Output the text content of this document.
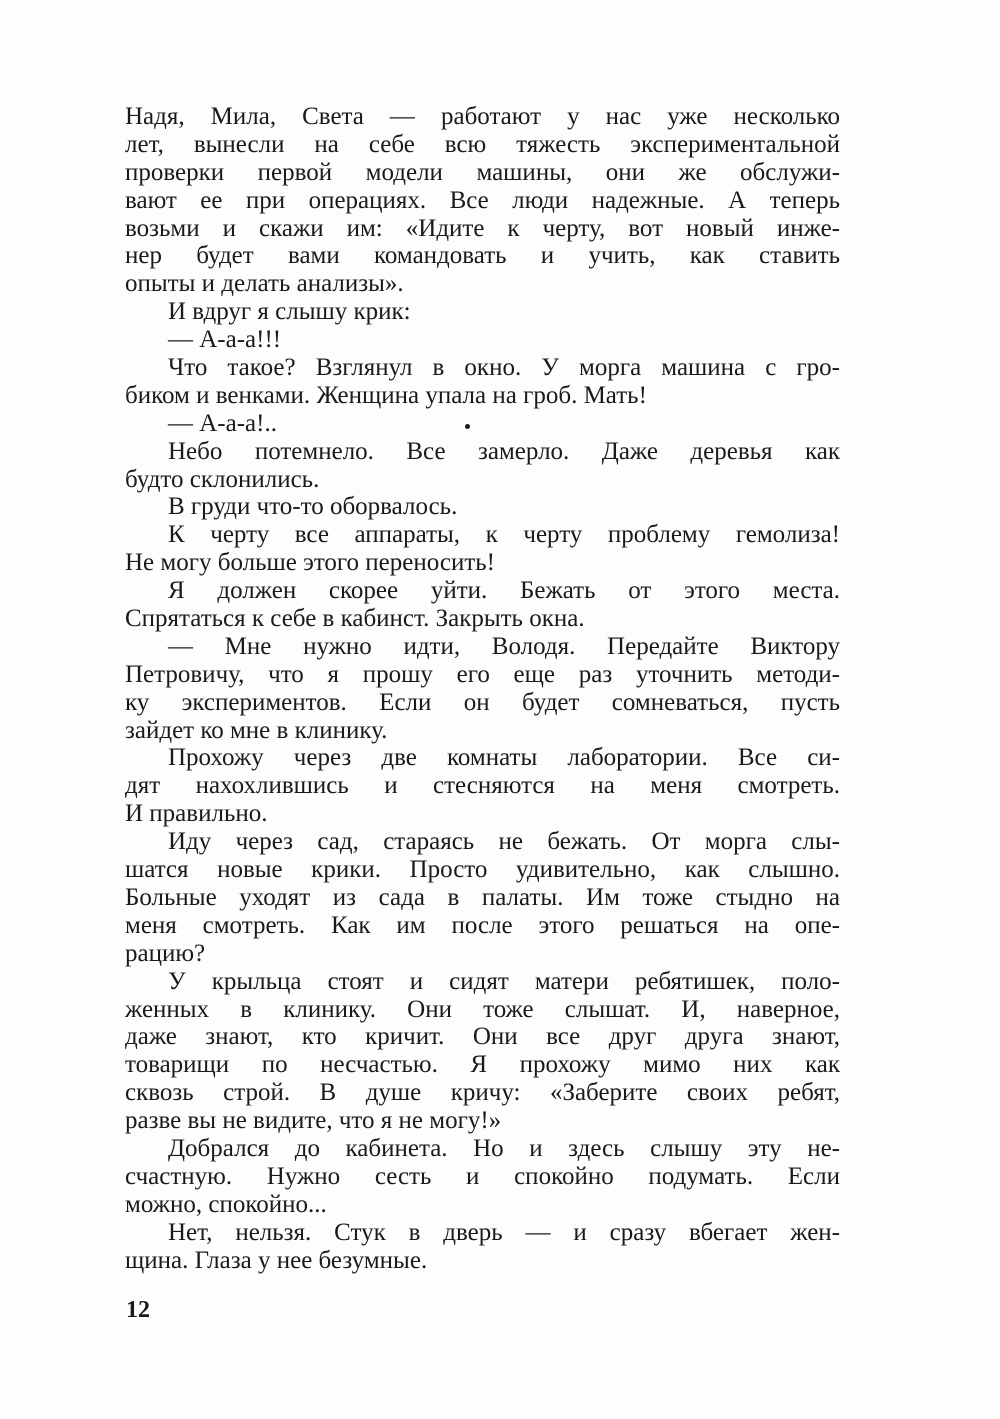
Надя, Мила, Света — работают у нас уже несколько
лет, вынесли на себе всю тяжесть экспериментальной
проверки первой модели машины, они же обслужи-
вают ее при операциях. Все люди надежные. А теперь
возьми и скажи им: «Идите к черту, вот новый инже-
нер будет вами командовать и учить, как ставить
опыты и делать анализы».
И вдруг я слышу крик:
— А-а-а!!!
Что такое? Взглянул в окно. У морга машина с гро-
биком и венками. Женщина упала на гроб. Мать!
— А-а-а!..
Небо потемнело. Все замерло. Даже деревья как
будто склонились.
В груди что-то оборвалось.
К черту все аппараты, к черту проблему гемолиза!
Не могу больше этого переносить!
Я должен скорее уйти. Бежать от этого места.
Спрятаться к себе в кабинст. Закрыть окна.
— Мне нужно идти, Володя. Передайте Виктору
Петровичу, что я прошу его еще раз уточнить методи-
ку экспериментов. Если он будет сомневаться, пусть
зайдет ко мне в клинику.
Прохожу через две комнаты лаборатории. Все си-
дят нахохлившись и стесняются на меня смотреть.
И правильно.
Иду через сад, стараясь не бежать. От морга слы-
шатся новые крики. Просто удивительно, как слышно.
Больные уходят из сада в палаты. Им тоже стыдно на
меня смотреть. Как им после этого решаться на опе-
рацию?
У крыльца стоят и сидят матери ребятишек, поло-
женных в клинику. Они тоже слышат. И, наверное,
даже знают, кто кричит. Они все друг друга знают,
товарищи по несчастью. Я прохожу мимо них как
сквозь строй. В душе кричу: «Заберите своих ребят,
разве вы не видите, что я не могу!»
Добрался до кабинета. Но и здесь слышу эту не-
счастную. Нужно сесть и спокойно подумать. Если
можно, спокойно...
Нет, нельзя. Стук в дверь — и сразу вбегает жен-
щина. Глаза у нее безумные.
12
